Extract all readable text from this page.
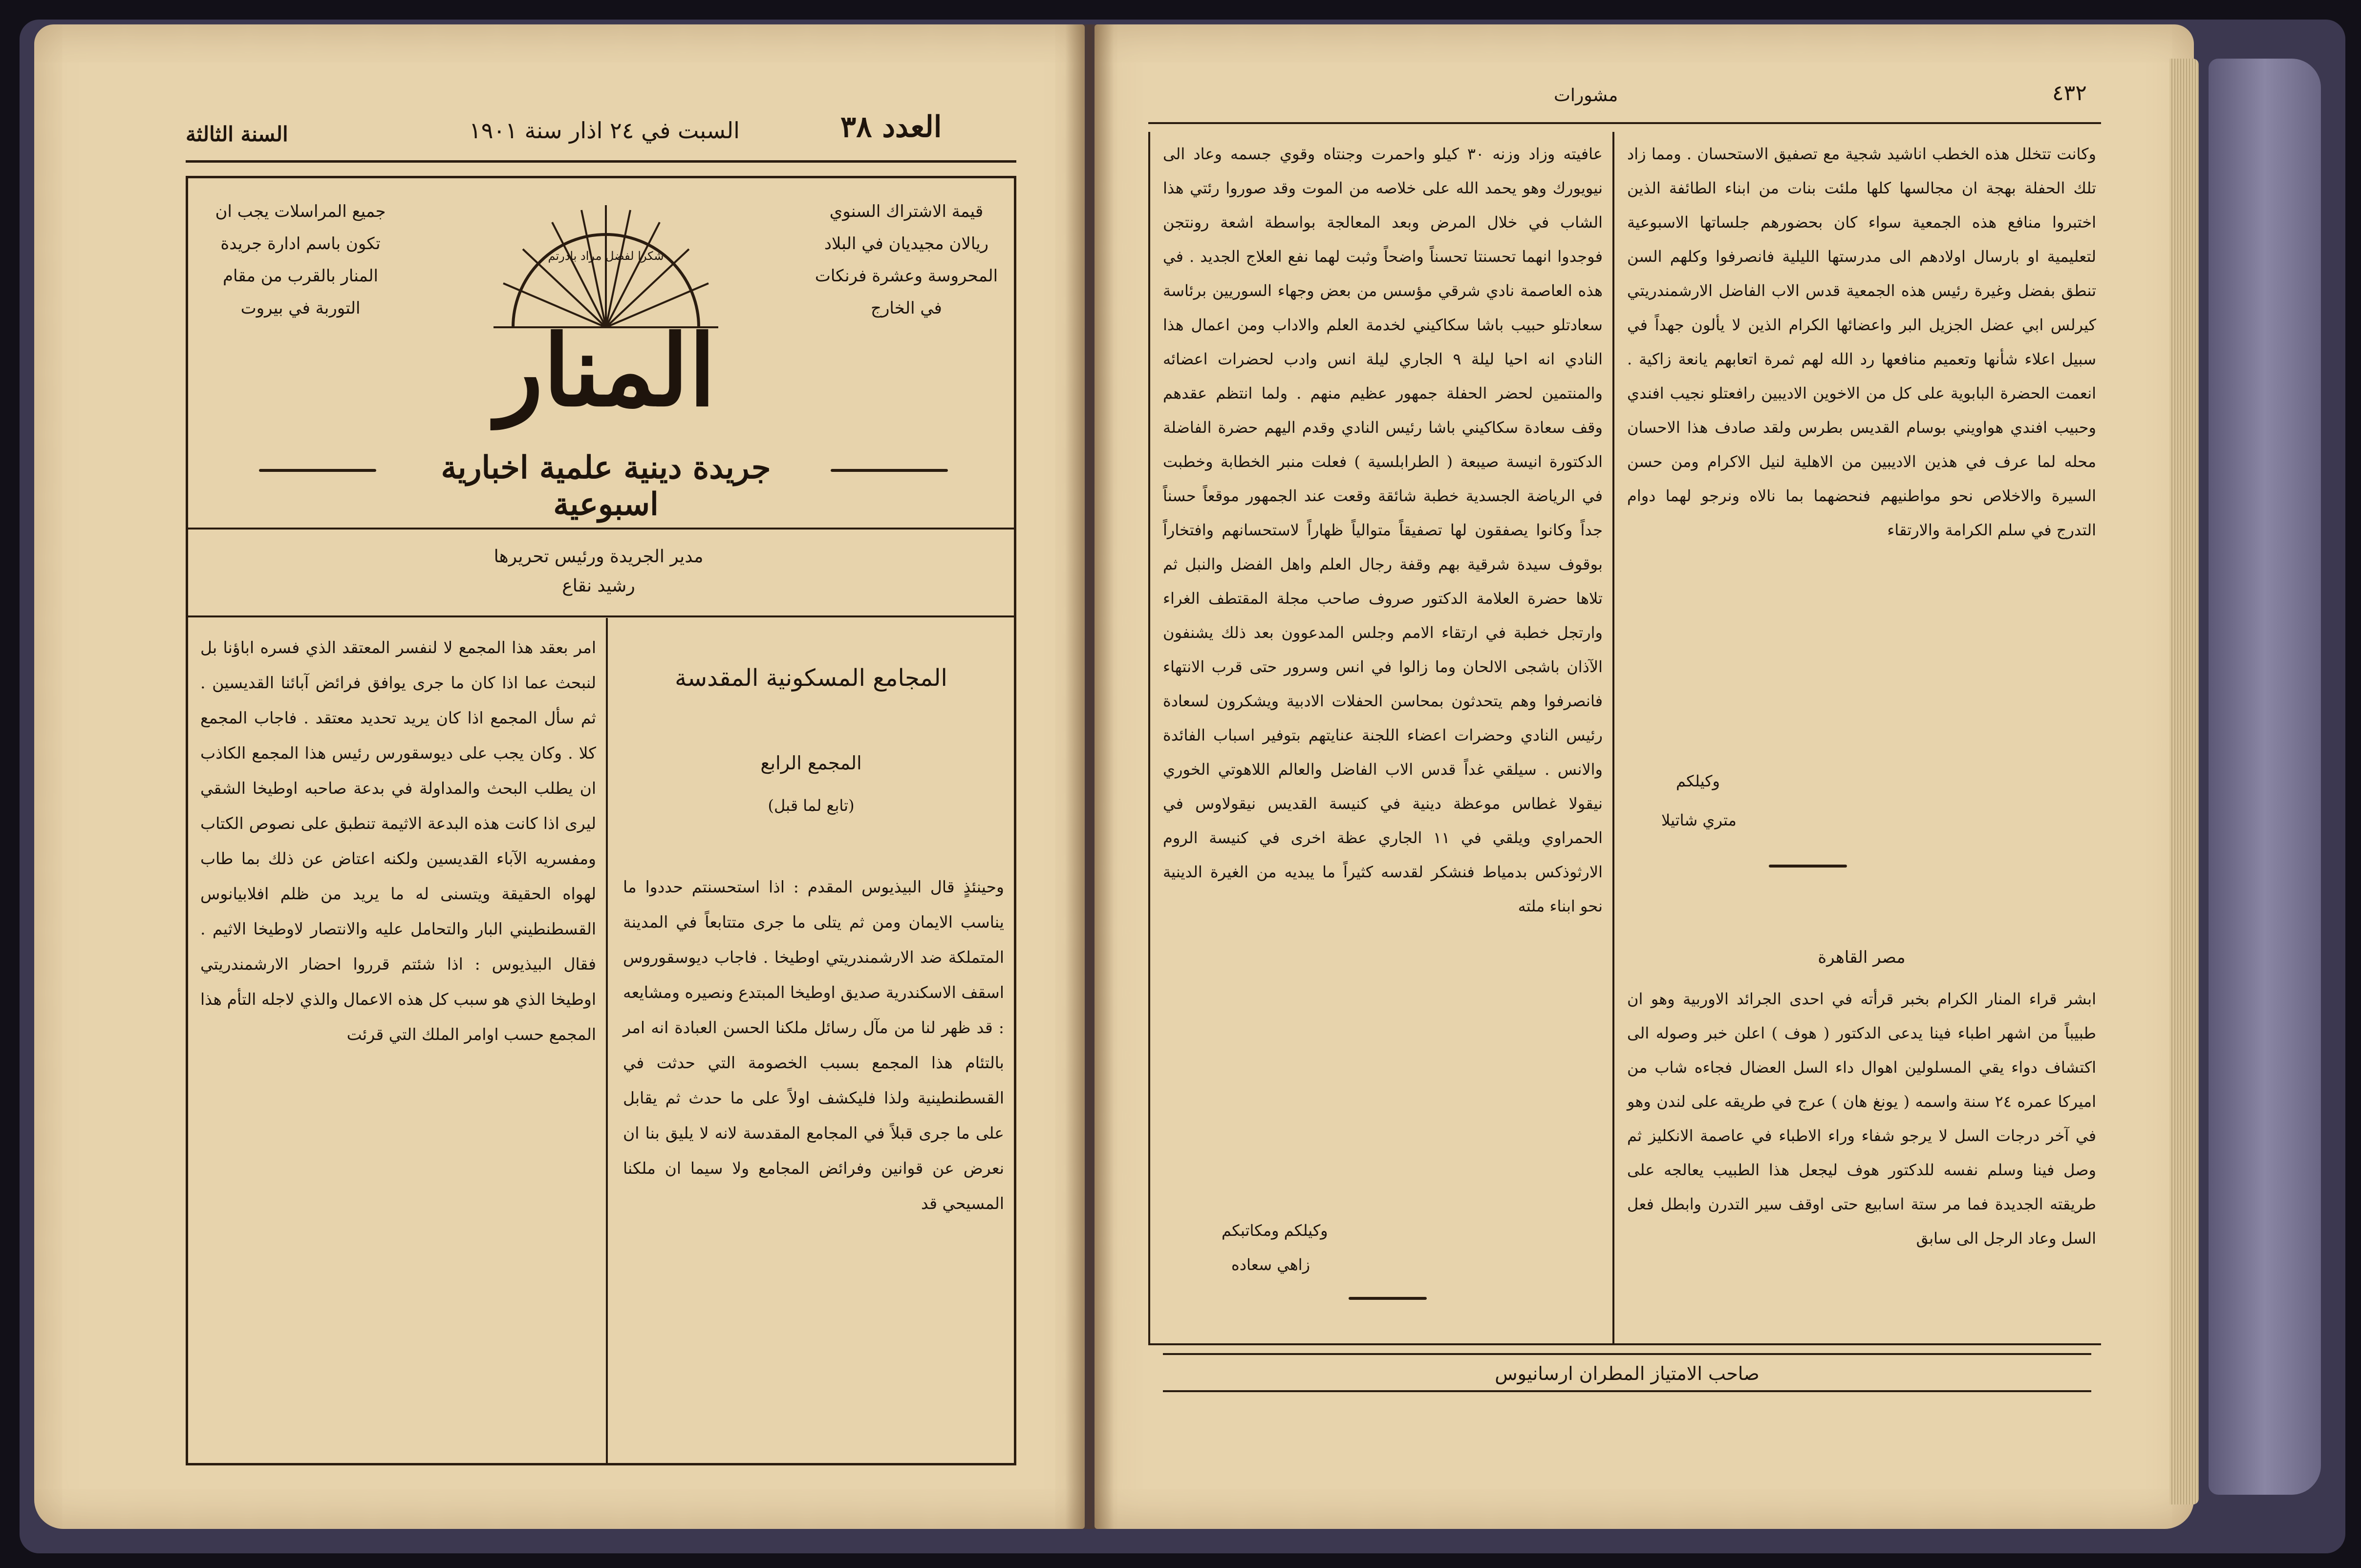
العدد ٣٨
السبت في ٢٤ اذار سنة ١٩٠١
السنة الثالثة
قيمة الاشتراك السنوي ريالان مجيديان في البلاد المحروسة وعشرة فرنكات في الخارج
جميع المراسلات يجب ان تكون باسم ادارة جريدة المنار بالقرب من مقام التوربة في بيروت
شكرا لفضل مراد بادرتم
المنار
جريدة دينية علمية اخبارية اسبوعية
مدير الجريدة ورئيس تحريرها
رشيد نقاع
المجامع المسكونية المقدسة
المجمع الرابع
(تابع لما قبل)
وحينئذٍ قال البيذيوس المقدم : اذا استحسنتم حددوا ما يناسب الايمان ومن ثم يتلى ما جرى متتابعاً في المدينة المتملكة ضد الارشمندريتي اوطيخا . فاجاب ديوسقوروس اسقف الاسكندرية صديق اوطيخا المبتدع ونصيره ومشايعه : قد ظهر لنا من مآل رسائل ملكنا الحسن العبادة انه امر بالتئام هذا المجمع بسبب الخصومة التي حدثت في القسطنطينية ولذا فليكشف اولاً على ما حدث ثم يقابل على ما جرى قبلاً في المجامع المقدسة لانه لا يليق بنا ان نعرض عن قوانين وفرائض المجامع ولا سيما ان ملكنا المسيحي قد
امر بعقد هذا المجمع لا لنفسر المعتقد الذي فسره اباؤنا بل لنبحث عما اذا كان ما جرى يوافق فرائض آبائنا القديسين . ثم سأل المجمع اذا كان يريد تحديد معتقد . فاجاب المجمع كلا . وكان يجب على ديوسقورس رئيس هذا المجمع الكاذب ان يطلب البحث والمداولة في بدعة صاحبه اوطيخا الشقي ليرى اذا كانت هذه البدعة الاثيمة تنطبق على نصوص الكتاب ومفسريه الآباء القديسين ولكنه اعتاض عن ذلك بما طاب لهواه الحقيقة ويتسنى له ما يريد من ظلم افلابيانوس القسطنطيني البار والتحامل عليه والانتصار لاوطيخا الاثيم . فقال البيذيوس : اذا شئتم قرروا احضار الارشمندريتي اوطيخا الذي هو سبب كل هذه الاعمال والذي لاجله التأم هذا المجمع حسب اوامر الملك التي قرئت
٤٣٢
مشورات
وكانت تتخلل هذه الخطب اناشيد شجية مع تصفيق الاستحسان . ومما زاد تلك الحفلة بهجة ان مجالسها كلها ملئت بنات من ابناء الطائفة الذين اختبروا منافع هذه الجمعية سواء كان بحضورهم جلساتها الاسبوعية لتعليمية او بارسال اولادهم الى مدرستها الليلية فانصرفوا وكلهم السن تنطق بفضل وغيرة رئيس هذه الجمعية قدس الاب الفاضل الارشمندريتي كيرلس ابي عضل الجزيل البر واعضائها الكرام الذين لا يألون جهداً في سبيل اعلاء شأنها وتعميم منافعها رد الله لهم ثمرة اتعابهم يانعة زاكية . انعمت الحضرة البابوية على كل من الاخوين الاديبين رافعتلو نجيب افندي وحبيب افندي هواويني بوسام القديس بطرس ولقد صادف هذا الاحسان محله لما عرف في هذين الاديبين من الاهلية لنيل الاكرام ومن حسن السيرة والاخلاص نحو مواطنيهم فنحضهما بما نالاه ونرجو لهما دوام التدرج في سلم الكرامة والارتقاء
وكيلكم
متري شاتيلا
مصر القاهرة
ابشر قراء المنار الكرام بخبر قرأته في احدى الجرائد الاوربية وهو ان طبيباً من اشهر اطباء فينا يدعى الدكتور ( هوف ) اعلن خبر وصوله الى اكتشاف دواء يقي المسلولين اهوال داء السل العضال فجاءه شاب من اميركا عمره ٢٤ سنة واسمه ( يونغ هان ) عرج في طريقه على لندن وهو في آخر درجات السل لا يرجو شفاء وراء الاطباء في عاصمة الانكليز ثم وصل فينا وسلم نفسه للدكتور هوف ليجعل هذا الطبيب يعالجه على طريقته الجديدة فما مر ستة اسابيع حتى اوقف سير التدرن وابطل فعل السل وعاد الرجل الى سابق
عافيته وزاد وزنه ٣٠ كيلو واحمرت وجنتاه وقوي جسمه وعاد الى نيويورك وهو يحمد الله على خلاصه من الموت وقد صوروا رئتي هذا الشاب في خلال المرض وبعد المعالجة بواسطة اشعة رونتجن فوجدوا انهما تحسنتا تحسناً واضحاً وثبت لهما نفع العلاج الجديد . في هذه العاصمة نادي شرقي مؤسس من بعض وجهاء السوريين برئاسة سعادتلو حبيب باشا سكاكيني لخدمة العلم والاداب ومن اعمال هذا النادي انه احيا ليلة ٩ الجاري ليلة انس وادب لحضرات اعضائه والمنتمين لحضر الحفلة جمهور عظيم منهم . ولما انتظم عقدهم وقف سعادة سكاكيني باشا رئيس النادي وقدم اليهم حضرة الفاضلة الدكتورة انيسة صيبعة ( الطرابلسية ) فعلت منبر الخطابة وخطبت في الرياضة الجسدية خطبة شائقة وقعت عند الجمهور موقعاً حسناً جداً وكانوا يصفقون لها تصفيقاً متوالياً ظهاراً لاستحسانهم وافتخاراً بوقوف سيدة شرقية بهم وقفة رجال العلم واهل الفضل والنبل ثم تلاها حضرة العلامة الدكتور صروف صاحب مجلة المقتطف الغراء وارتجل خطبة في ارتقاء الامم وجلس المدعوون بعد ذلك يشنفون الآذان باشجى الالحان وما زالوا في انس وسرور حتى قرب الانتهاء فانصرفوا وهم يتحدثون بمحاسن الحفلات الادبية ويشكرون لسعادة رئيس النادي وحضرات اعضاء اللجنة عنايتهم بتوفير اسباب الفائدة والانس . سيلقي غداً قدس الاب الفاضل والعالم اللاهوتي الخوري نيقولا غطاس موعظة دينية في كنيسة القديس نيقولاوس في الحمراوي ويلقي في ١١ الجاري عظة اخرى في كنيسة الروم الارثوذكس بدمياط فنشكر لقدسه كثيراً ما يبديه من الغيرة الدينية نحو ابناء ملته
وكيلكم ومكاتبكم
زاهي سعاده
صاحب الامتياز المطران ارسانيوس
